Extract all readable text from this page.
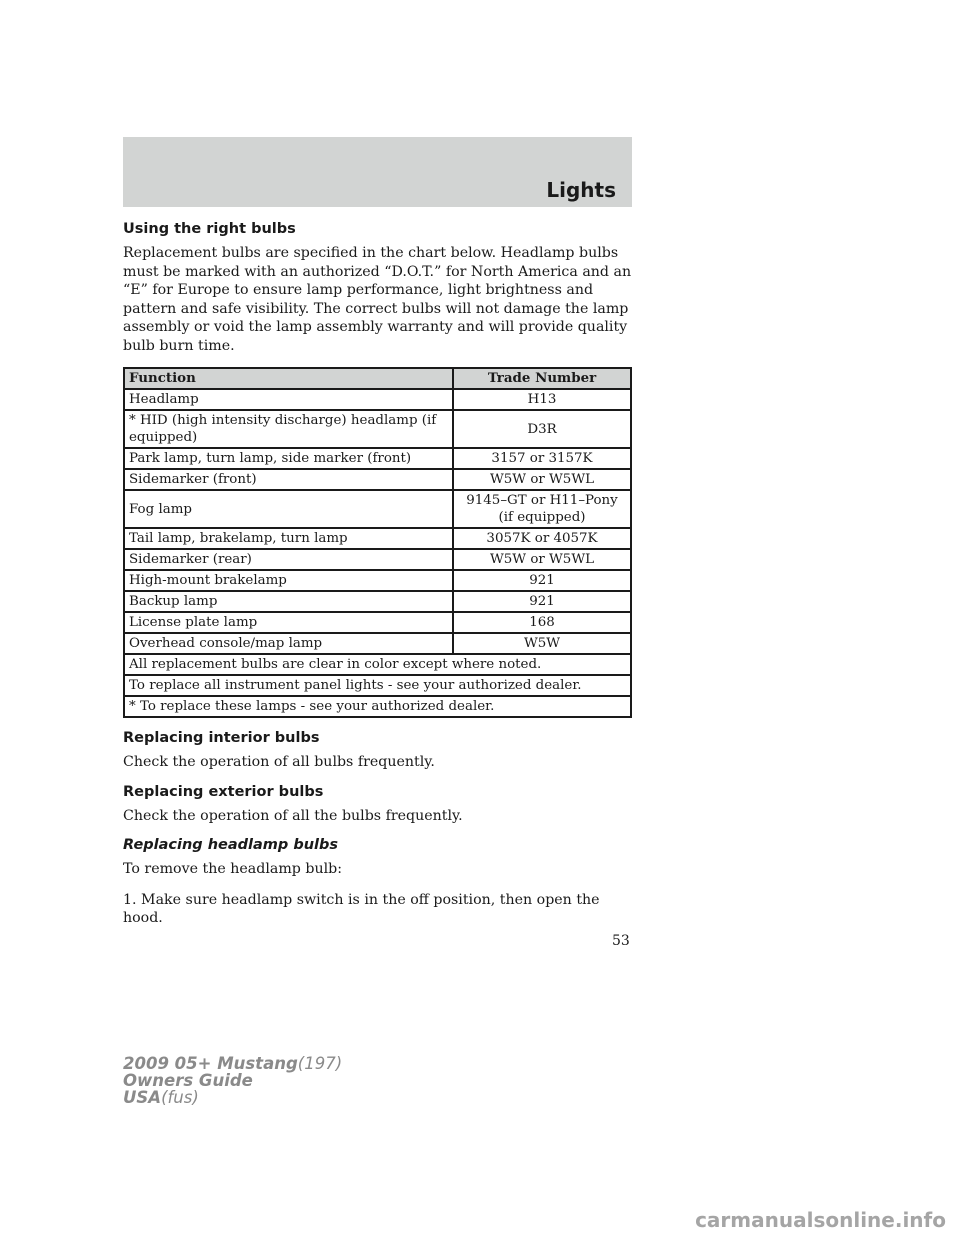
Lights
Using the right bulbs

Replacement bulbs are specified in the chart below. Headlamp bulbs must be marked with an authorized “D.O.T.” for North America and an “E” for Europe to ensure lamp performance, light brightness and pattern and safe visibility. The correct bulbs will not damage the lamp assembly or void the lamp assembly warranty and will provide quality bulb burn time.

Function	Trade Number
Headlamp	H13
* HID (high intensity discharge) headlamp (if equipped)	D3R
Park lamp, turn lamp, side marker (front)	3157 or 3157K
Sidemarker (front)	W5W or W5WL
Fog lamp	9145–GT or H11–Pony (if equipped)
Tail lamp, brakelamp, turn lamp	3057K or 4057K
Sidemarker (rear)	W5W or W5WL
High-mount brakelamp	921
Backup lamp	921
License plate lamp	168
Overhead console/map lamp	W5W
All replacement bulbs are clear in color except where noted.	
To replace all instrument panel lights - see your authorized dealer.	
* To replace these lamps - see your authorized dealer.	
Replacing interior bulbs

Check the operation of all bulbs frequently.

Replacing exterior bulbs

Check the operation of all the bulbs frequently.

Replacing headlamp bulbs

To remove the headlamp bulb:

1. Make sure headlamp switch is in the off position, then open the hood.

53
2009 05+ Mustang(197)
Owners Guide
USA(fus)
carmanualsonline.info
